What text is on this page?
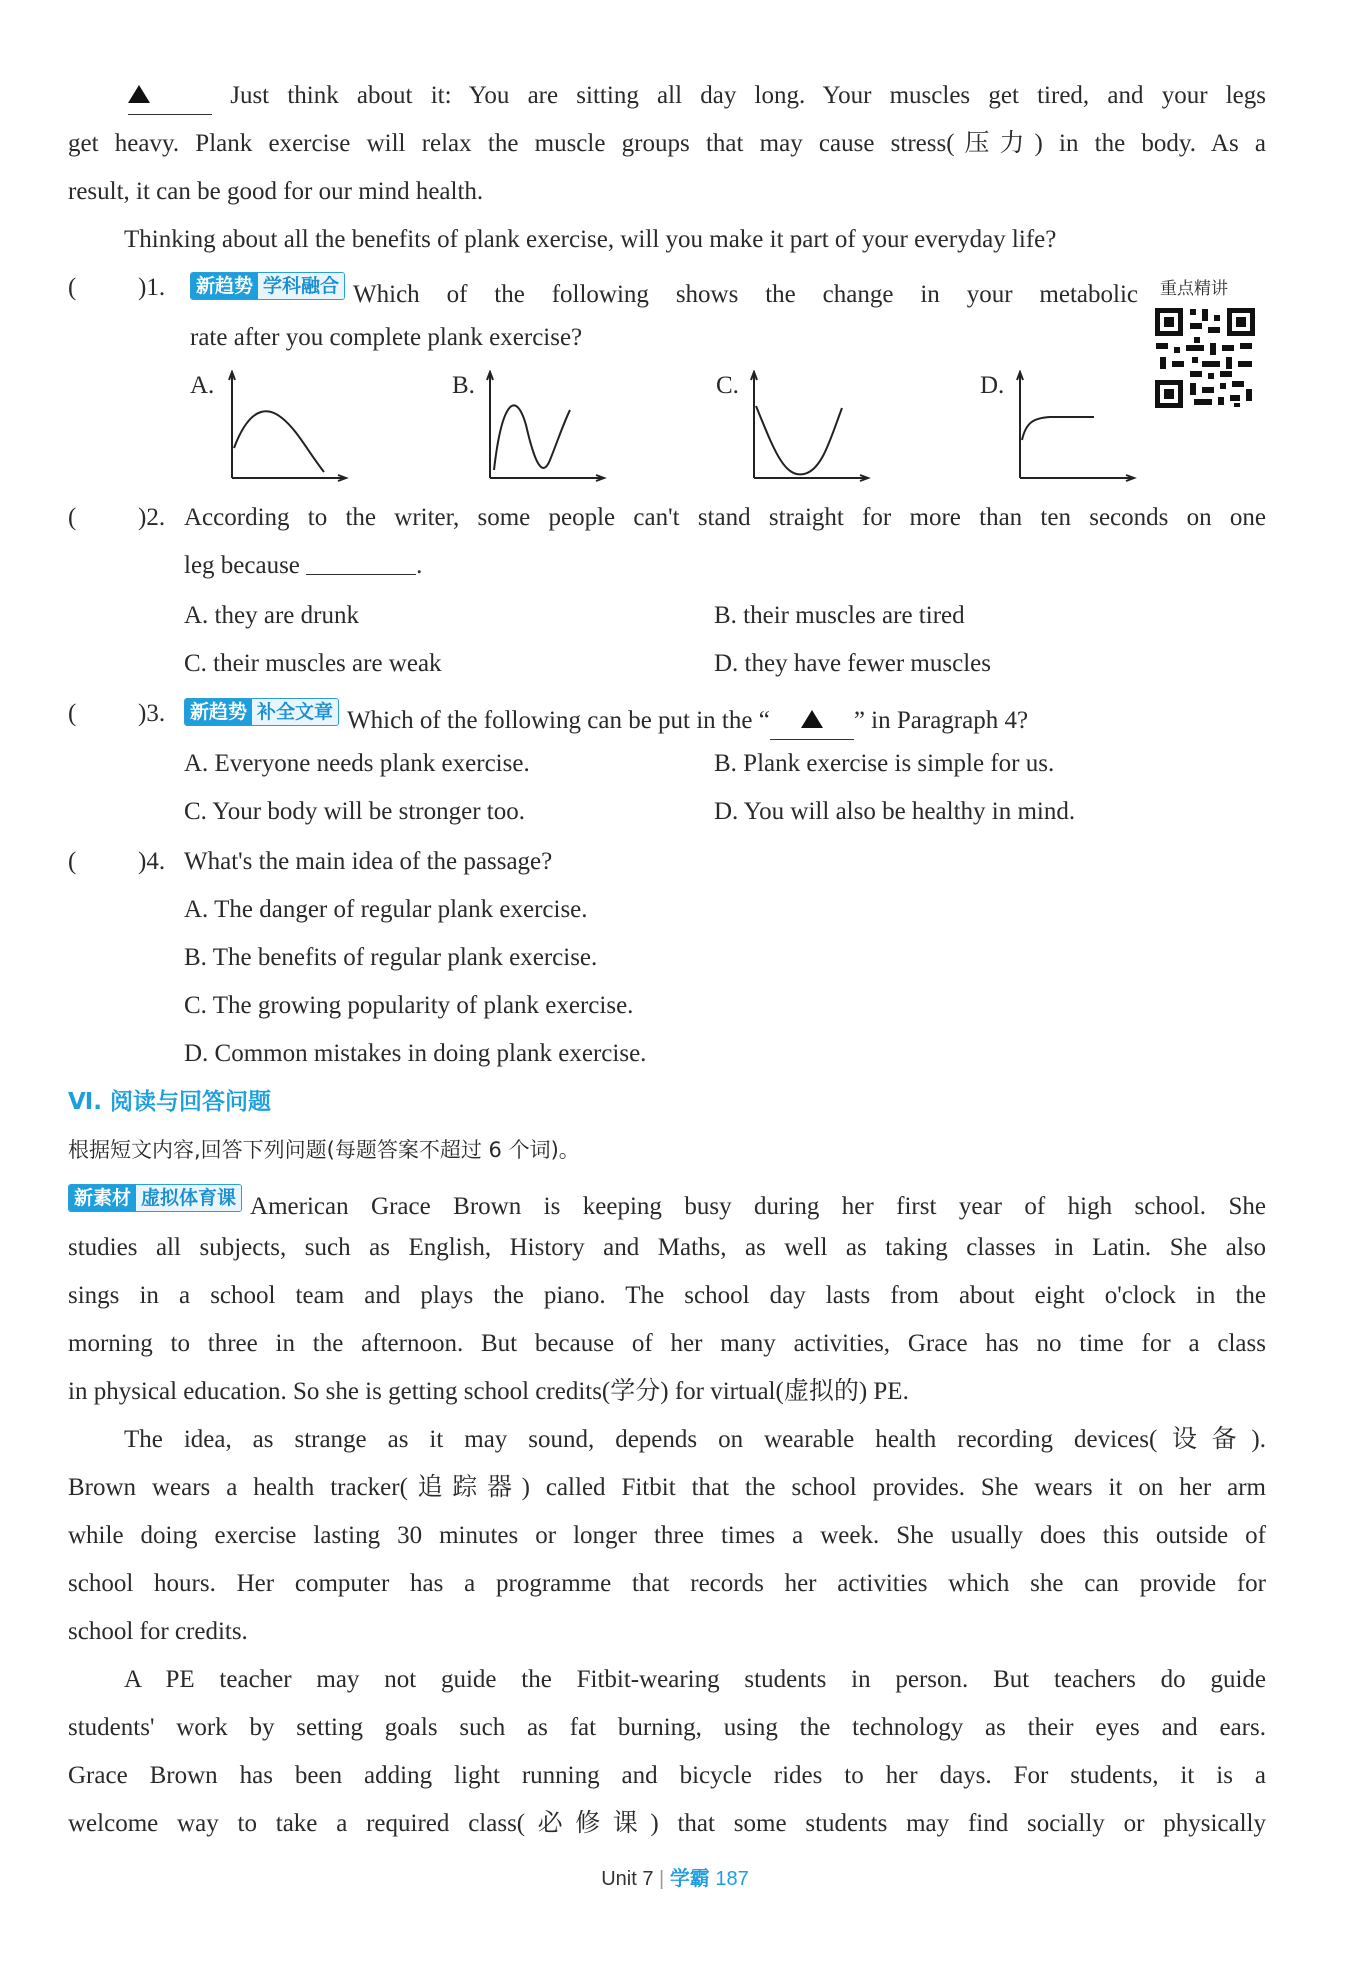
Just think about it: You are sitting all day long. Your muscles get tired, and your legs
get heavy. Plank exercise will relax the muscle groups that may cause stress(压力) in the body. As a
result, it can be good for our mind health.
Thinking about all the benefits of plank exercise, will you make it part of your everyday life?
( )1.	新趋势 学科融合 Which of the following shows the change in your metabolic
rate after you complete plank exercise?
重点精讲
A.	B.	C.	D.
( )2. According to the writer, some people can't stand straight for more than ten seconds on one
leg because	.
A. they are drunk	B. their muscles are tired
C. their muscles are weak	D. they have fewer muscles
( )3.	新趋势 补全文章 Which of the following can be put in the “	” in Paragraph 4?
A. Everyone needs plank exercise.	B. Plank exercise is simple for us.
C. Your body will be stronger too.	D. You will also be healthy in mind.
( )4. What's the main idea of the passage?
A. The danger of regular plank exercise.
B. The benefits of regular plank exercise.
C. The growing popularity of plank exercise.
D. Common mistakes in doing plank exercise.
Ⅵ. 阅读与回答问题
根据短文内容,回答下列问题(每题答案不超过 6 个词)。
新素材 虚拟体育课 American Grace Brown is keeping busy during her first year of high school. She
studies all subjects, such as English, History and Maths, as well as taking classes in Latin. She also
sings in a school team and plays the piano. The school day lasts from about eight o'clock in the
morning to three in the afternoon. But because of her many activities, Grace has no time for a class
in physical education. So she is getting school credits(学分) for virtual(虚拟的) PE.
The idea, as strange as it may sound, depends on wearable health recording devices(设备).
Brown wears a health tracker(追踪器) called Fitbit that the school provides. She wears it on her arm
while doing exercise lasting 30 minutes or longer three times a week. She usually does this outside of
school hours. Her computer has a programme that records her activities which she can provide for
school for credits.
A PE teacher may not guide the Fitbit-wearing students in person. But teachers do guide
students' work by setting goals such as fat burning, using the technology as their eyes and ears.
Grace Brown has been adding light running and bicycle rides to her days. For students, it is a
welcome way to take a required class(必修课) that some students may find socially or physically
Unit 7 | 学霸 187
